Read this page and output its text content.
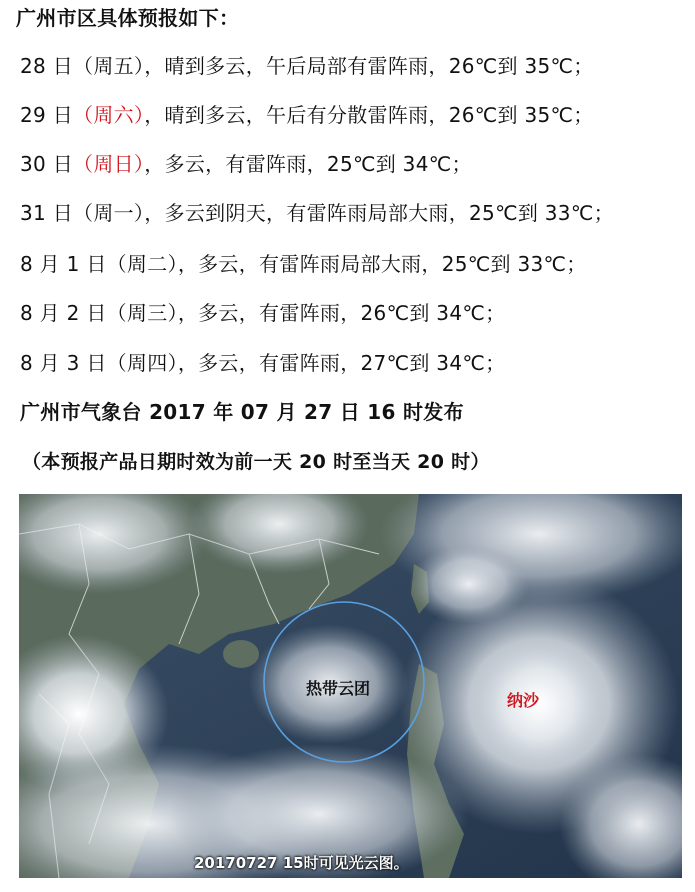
广州市区具体预报如下：
28 日（周五），晴到多云，午后局部有雷阵雨，26℃到 35℃；
29 日（周六），晴到多云，午后有分散雷阵雨，26℃到 35℃；
30 日（周日），多云，有雷阵雨，25℃到 34℃；
31 日（周一），多云到阴天，有雷阵雨局部大雨，25℃到 33℃；
8 月 1 日（周二），多云，有雷阵雨局部大雨，25℃到 33℃；
8 月 2 日（周三），多云，有雷阵雨，26℃到 34℃；
8 月 3 日（周四），多云，有雷阵雨，27℃到 34℃；
广州市气象台 2017 年 07 月 27 日 16 时发布
（本预报产品日期时效为前一天 20 时至当天 20 时）
热带云团
纳沙
20170727 15时可见光云图。
